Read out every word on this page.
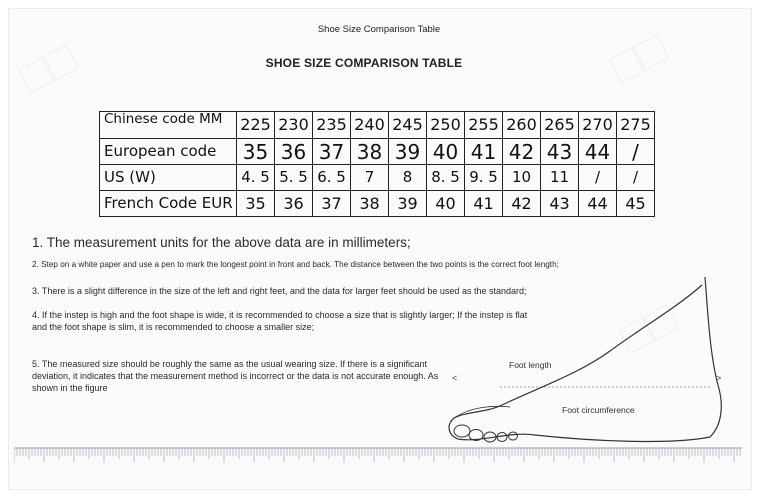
□□	□□
□□
Shoe Size Comparison Table
SHOE SIZE COMPARISON TABLE
Chinese code MM	225	230	235	240	245	250	255	260	265	270	275
European code	35	36	37	38	39	40	41	42	43	44	/
US (W)	4. 5	5. 5	6. 5	7	8	8. 5	9. 5	10	11	/	/
French Code EUR	35	36	37	38	39	40	41	42	43	44	45
1. The measurement units for the above data are in millimeters;
2. Step on a white paper and use a pen to mark the longest point in front and back. The distance between the two points is the correct foot length;
3. There is a slight difference in the size of the left and right feet, and the data for larger feet should be used as the standard;
4. If the instep is high and the foot shape is wide, it is recommended to choose a size that is slightly larger; If the instep is flat and the foot shape is slim, it is recommended to choose a smaller size;
5. The measured size should be roughly the same as the usual wearing size. If there is a significant deviation, it indicates that the measurement method is incorrect or the data is not accurate enough. As shown in the figure
Foot length
Foot circumference
<	>
